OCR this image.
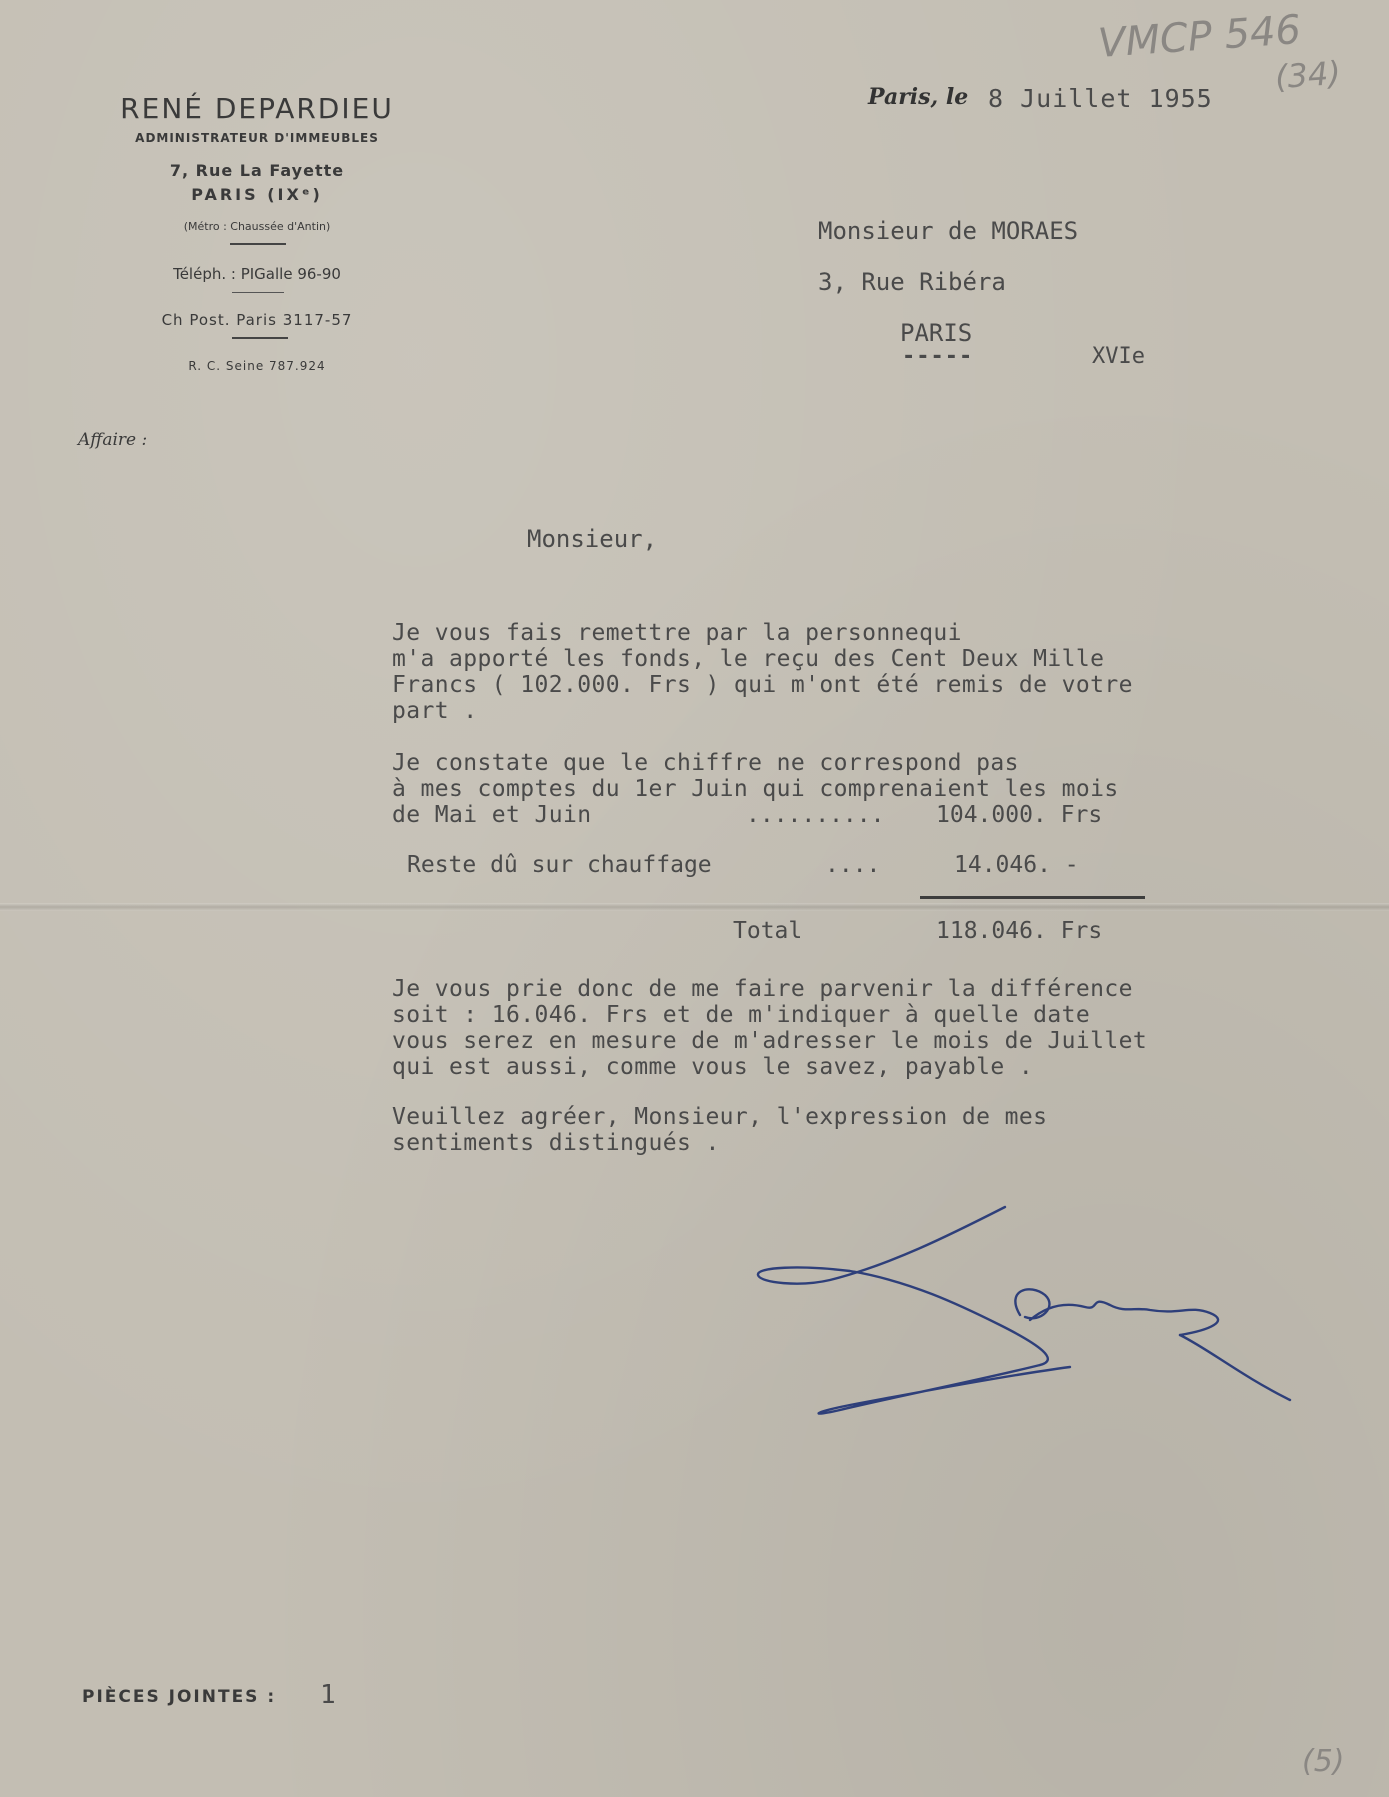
VMCP 546
(34)
RENÉ DEPARDIEU
ADMINISTRATEUR D'IMMEUBLES
7, Rue La Fayette
PARIS (IXᵉ)
(Métro : Chaussée d'Antin)
Téléph. : PIGalle 96-90
Ch Post. Paris 3117-57
R. C. Seine 787.924
Affaire :
Paris, le 8 Juillet 1955
Monsieur de MORAES
3, Rue Ribéra
PARIS
-----	XVIe
Monsieur,
Je vous fais remettre par la personnequi
m'a apporté les fonds, le reçu des Cent Deux Mille
Francs ( 102.000. Frs ) qui m'ont été remis de votre
part .
Je constate que le chiffre ne correspond pas
à mes comptes du 1er Juin qui comprenaient les mois
de Mai et Juin	.......... 104.000. Frs
Reste dû sur chauffage	....	14.046. -
Total	118.046. Frs
Je vous prie donc de me faire parvenir la différence
soit : 16.046. Frs et de m'indiquer à quelle date
vous serez en mesure de m'adresser le mois de Juillet
qui est aussi, comme vous le savez, payable .
Veuillez agréer, Monsieur, l'expression de mes
sentiments distingués .
PIÈCES JOINTES : 1
(5)
